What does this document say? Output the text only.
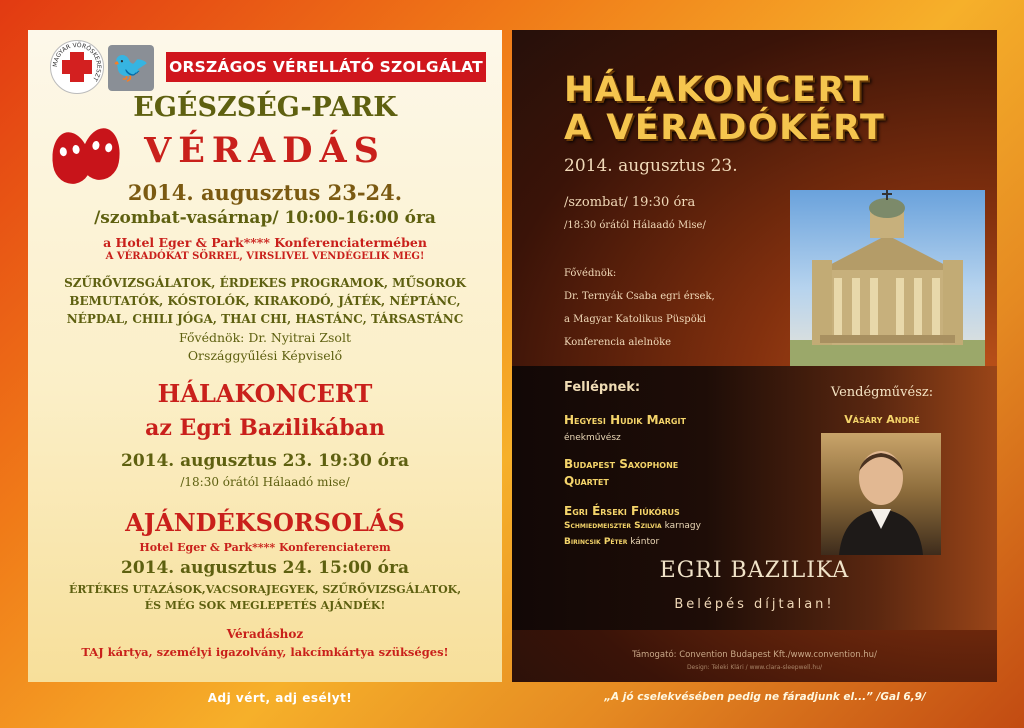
MAGYAR VÖRÖSKERESZT 🐦 ORSZÁGOS VÉRELLÁTÓ SZOLGÁLAT
EGÉSZSÉG-PARK
VÉRADÁS
2014. augusztus 23-24.
/szombat-vasárnap/ 10:00-16:00 óra
a Hotel Eger & Park**** Konferenciatermében
A VÉRADÓKAT SÖRREL, VIRSLIVEL VENDÉGELIK MEG!
SZŰRŐVIZSGÁLATOK, ÉRDEKES PROGRAMOK, MŰSOROK
BEMUTATÓK, KÓSTOLÓK, KIRAKODÓ, JÁTÉK, NÉPTÁNC,
NÉPDAL, CHILI JÓGA, THAI CHI, HASTÁNC, TÁRSASTÁNC
Fővédnök: Dr. Nyitrai Zsolt
Országgyűlési Képviselő
HÁLAKONCERT
az Egri Bazilikában
2014. augusztus 23. 19:30 óra
/18:30 órától Hálaadó mise/
AJÁNDÉKSORSOLÁS
Hotel Eger & Park**** Konferenciaterem
2014. augusztus 24. 15:00 óra
ÉRTÉKES UTAZÁSOK,VACSORAJEGYEK, SZŰRŐVIZSGÁLATOK,
ÉS MÉG SOK MEGLEPETÉS AJÁNDÉK!
Véradáshoz
TAJ kártya, személyi igazolvány, lakcímkártya szükséges!
HÁLAKONCERT
A VÉRADÓKÉRT
2014. augusztus 23.
/szombat/ 19:30 óra
/18:30 órától Hálaadó Mise/
Fővédnök:
Dr. Ternyák Csaba egri érsek,
a Magyar Katolikus Püspöki
Konferencia alelnöke
Fellépnek:
Hegyesi Hudik Margit
énekművész
Budapest Saxophone
Quartet
Egri Érseki Fiúkórus
Schmiedmeiszter Szilvia karnagy
Birincsik Péter kántor
Vendégművész:
Vásáry André
EGRI BAZILIKA
Belépés díjtalan!
Támogató: Convention Budapest Kft./www.convention.hu/
Design: Teleki Klári / www.clara-sleepwell.hu/
Adj vért, adj esélyt!	„A jó cselekvésében pedig ne fáradjunk el...” /Gal 6,9/
